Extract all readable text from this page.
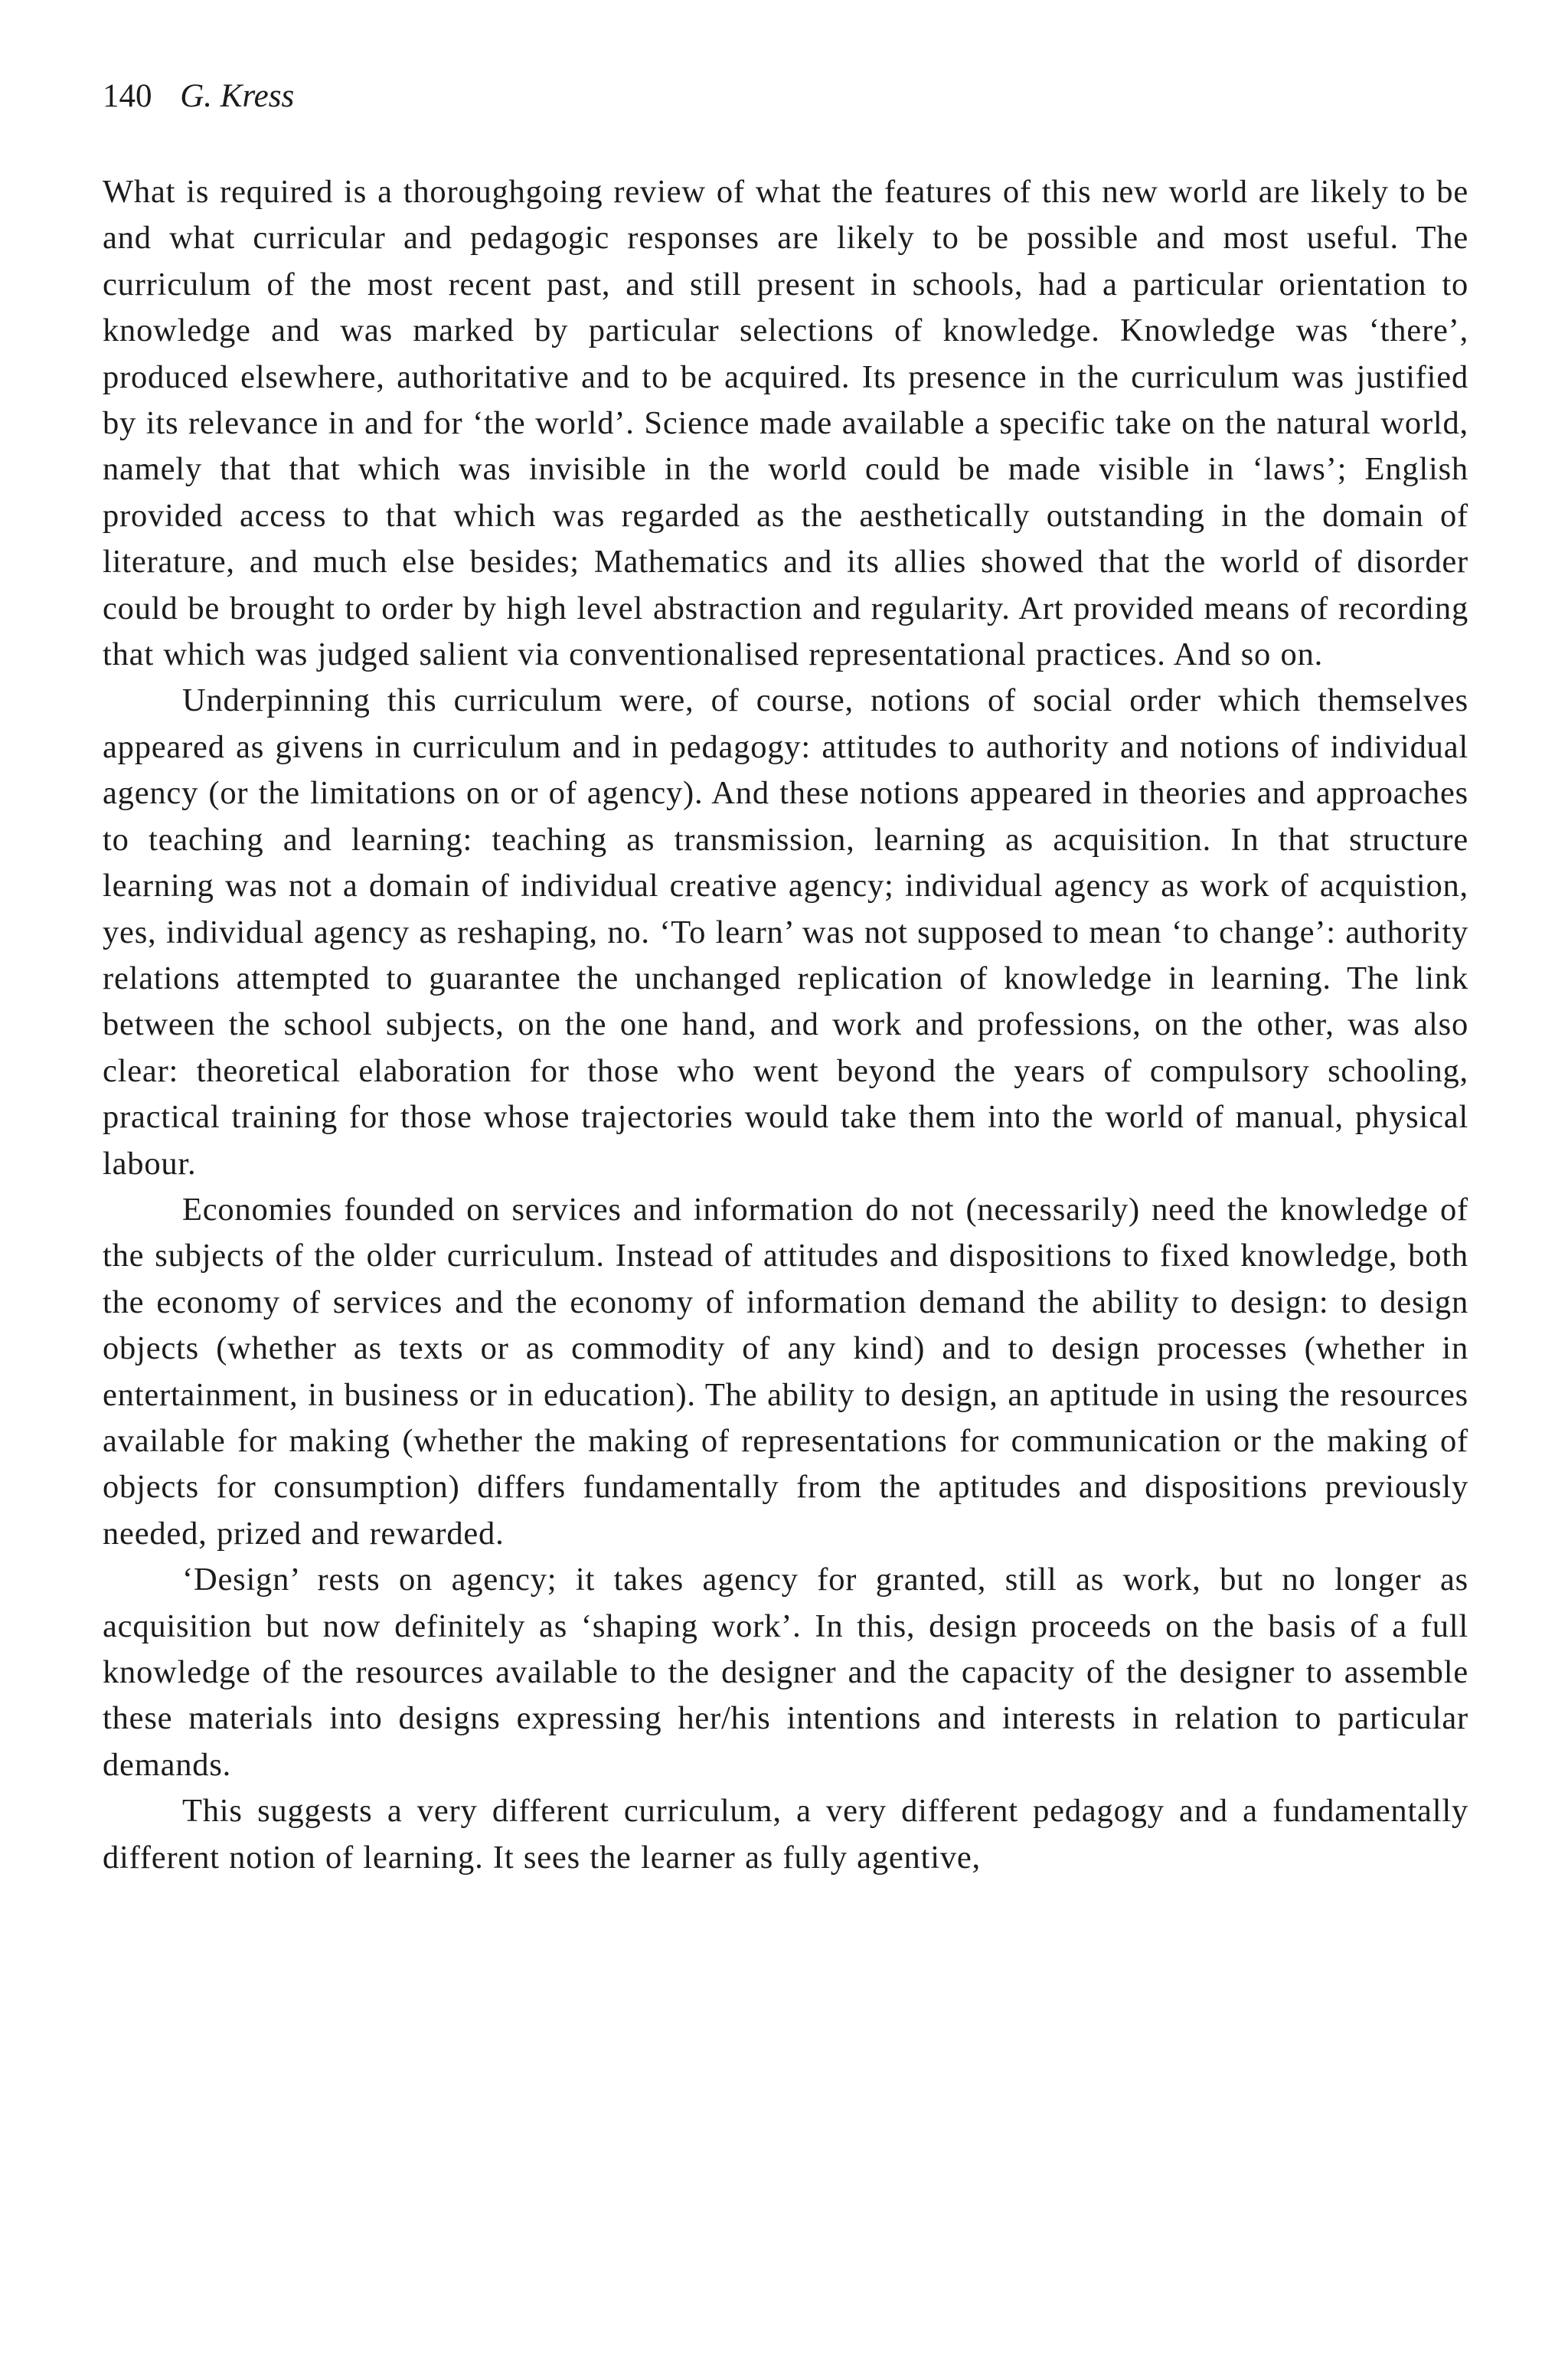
140 G. Kress

What is required is a thoroughgoing review of what the features of this new world are likely to be and what curricular and pedagogic responses are likely to be possible and most useful. The curriculum of the most recent past, and still present in schools, had a particular orientation to knowledge and was marked by particular selections of knowledge. Knowledge was ‘there’, produced elsewhere, authoritative and to be acquired. Its presence in the curriculum was justified by its relevance in and for ‘the world’. Science made available a specific take on the natural world, namely that that which was invisible in the world could be made visible in ‘laws’; English provided access to that which was regarded as the aesthetically outstanding in the domain of literature, and much else besides; Mathematics and its allies showed that the world of disorder could be brought to order by high level abstraction and regularity. Art provided means of recording that which was judged salient via conventionalised representational practices. And so on.

Underpinning this curriculum were, of course, notions of social order which themselves appeared as givens in curriculum and in pedagogy: attitudes to authority and notions of individual agency (or the limitations on or of agency). And these notions appeared in theories and approaches to teaching and learning: teaching as transmission, learning as acquisition. In that structure learning was not a domain of individual creative agency; individual agency as work of acquistion, yes, individual agency as reshaping, no. ‘To learn’ was not supposed to mean ‘to change’: authority relations attempted to guarantee the unchanged replication of knowledge in learning. The link between the school subjects, on the one hand, and work and professions, on the other, was also clear: theoretical elaboration for those who went beyond the years of compulsory schooling, practical training for those whose trajectories would take them into the world of manual, physical labour.

Economies founded on services and information do not (necessarily) need the knowledge of the subjects of the older curriculum. Instead of attitudes and dispositions to fixed knowledge, both the economy of services and the economy of information demand the ability to design: to design objects (whether as texts or as commodity of any kind) and to design processes (whether in entertainment, in business or in education). The ability to design, an aptitude in using the resources available for making (whether the making of representations for communication or the making of objects for consumption) differs fundamentally from the aptitudes and dispositions previously needed, prized and rewarded.

‘Design’ rests on agency; it takes agency for granted, still as work, but no longer as acquisition but now definitely as ‘shaping work’. In this, design proceeds on the basis of a full knowledge of the resources available to the designer and the capacity of the designer to assemble these materials into designs expressing her/his intentions and interests in relation to particular demands.

This suggests a very different curriculum, a very different pedagogy and a fundamentally different notion of learning. It sees the learner as fully agentive,
